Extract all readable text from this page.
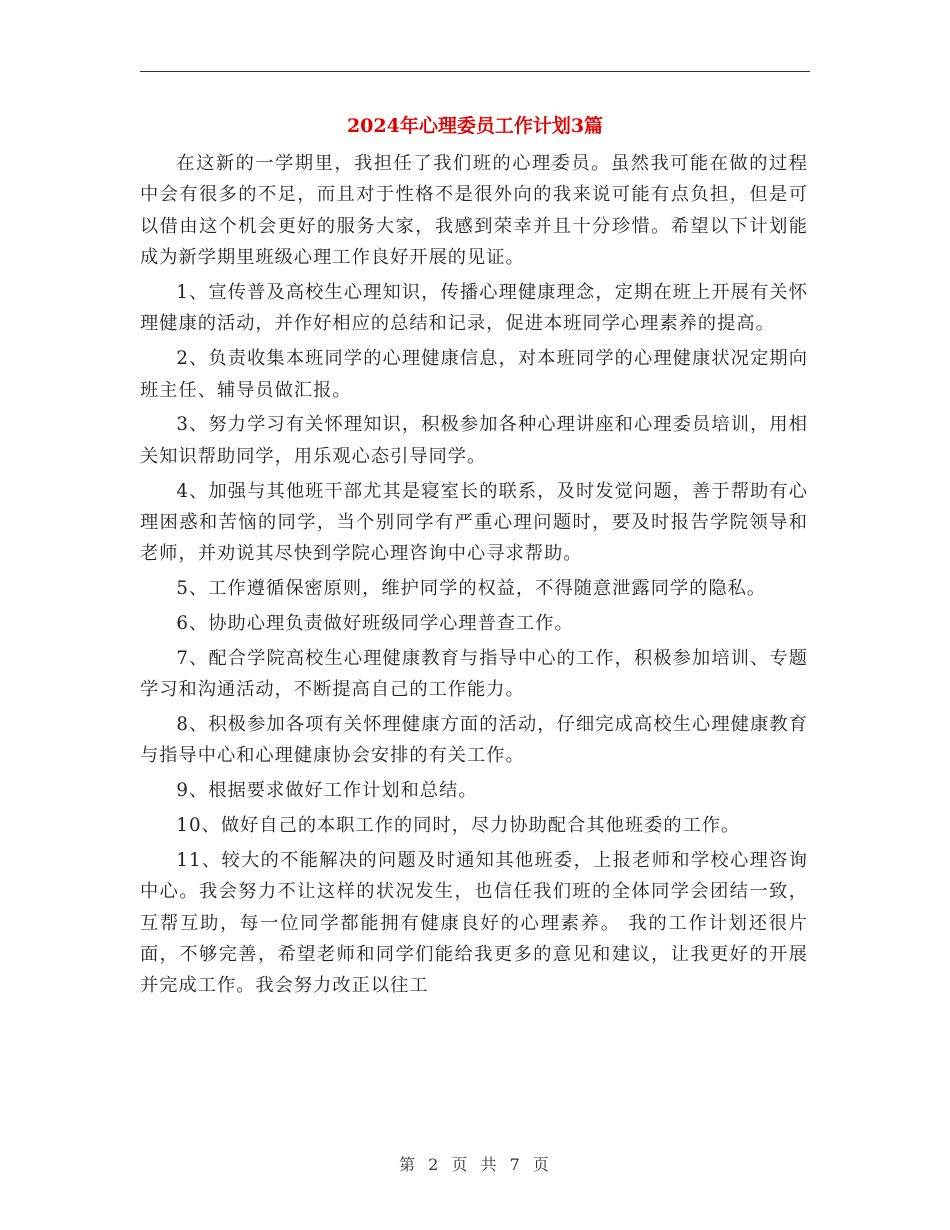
2024年心理委员工作计划3篇

在这新的一学期里，我担任了我们班的心理委员。虽然我可能在做的过程中会有很多的不足，而且对于性格不是很外向的我来说可能有点负担，但是可以借由这个机会更好的服务大家，我感到荣幸并且十分珍惜。希望以下计划能成为新学期里班级心理工作良好开展的见证。

1、宣传普及高校生心理知识，传播心理健康理念，定期在班上开展有关怀理健康的活动，并作好相应的总结和记录，促进本班同学心理素养的提高。

2、负责收集本班同学的心理健康信息，对本班同学的心理健康状况定期向班主任、辅导员做汇报。

3、努力学习有关怀理知识，积极参加各种心理讲座和心理委员培训，用相关知识帮助同学，用乐观心态引导同学。

4、加强与其他班干部尤其是寝室长的联系，及时发觉问题，善于帮助有心理困惑和苦恼的同学，当个别同学有严重心理问题时，要及时报告学院领导和老师，并劝说其尽快到学院心理咨询中心寻求帮助。

5、工作遵循保密原则，维护同学的权益，不得随意泄露同学的隐私。

6、协助心理负责做好班级同学心理普查工作。

7、配合学院高校生心理健康教育与指导中心的工作，积极参加培训、专题学习和沟通活动，不断提高自己的工作能力。

8、积极参加各项有关怀理健康方面的活动，仔细完成高校生心理健康教育与指导中心和心理健康协会安排的有关工作。

9、根据要求做好工作计划和总结。

10、做好自己的本职工作的同时，尽力协助配合其他班委的工作。

11、较大的不能解决的问题及时通知其他班委，上报老师和学校心理咨询中心。我会努力不让这样的状况发生，也信任我们班的全体同学会团结一致，互帮互助，每一位同学都能拥有健康良好的心理素养。 我的工作计划还很片面，不够完善，希望老师和同学们能给我更多的意见和建议，让我更好的开展并完成工作。我会努力改正以往工

第 2 页 共 7 页
